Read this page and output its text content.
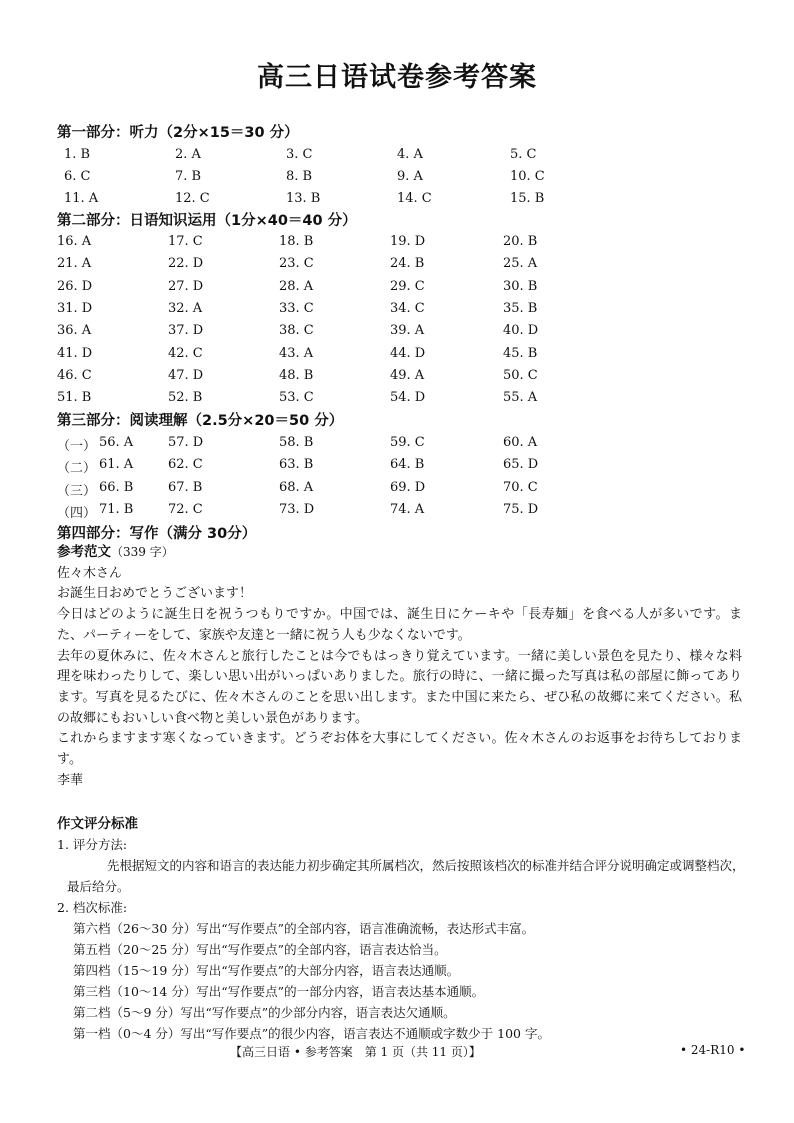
高三日语试卷参考答案
第一部分：听力（2分×15＝30 分）
1. B	2. A	3. C	4. A	5. C
6. C	7. B	8. B	9. A	10. C
11. A	12. C	13. B	14. C	15. B
第二部分：日语知识运用（1分×40＝40 分）
16. A	17. C	18. B	19. D	20. B
21. A	22. D	23. C	24. B	25. A
26. D	27. D	28. A	29. C	30. B
31. D	32. A	33. C	34. C	35. B
36. A	37. D	38. C	39. A	40. D
41. D	42. C	43. A	44. D	45. B
46. C	47. D	48. B	49. A	50. C
51. B	52. B	53. C	54. D	55. A
第三部分：阅读理解（2.5分×20＝50 分）
（一） 56. A	57. D	58. B	59. C	60. A
（二） 61. A	62. C	63. B	64. B	65. D
（三） 66. B	67. B	68. A	69. D	70. C
（四） 71. B	72. C	73. D	74. A	75. D
第四部分：写作（满分 30分）

参考范文（339 字）

佐々木さん

お誕生日おめでとうございます！

今日はどのように誕生日を祝うつもりですか。中国では、誕生日にケーキや「長寿麺」を食べる人が多いです。また、パーティーをして、家族や友達と一緒に祝う人も少なくないです。

去年の夏休みに、佐々木さんと旅行したことは今でもはっきり覚えています。一緒に美しい景色を見たり、様々な料理を味わったりして、楽しい思い出がいっぱいありました。旅行の時に、一緒に撮った写真は私の部屋に飾ってあります。写真を見るたびに、佐々木さんのことを思い出します。また中国に来たら、ぜひ私の故郷に来てください。私の故郷にもおいしい食べ物と美しい景色があります。

これからますます寒くなっていきます。どうぞお体を大事にしてください。佐々木さんのお返事をお待ちしております。

李華

作文评分标准

1. 评分方法:

先根据短文的内容和语言的表达能力初步确定其所属档次，然后按照该档次的标准并结合评分说明确定或调整档次，最后给分。

2. 档次标准:

第六档（26～30 分）写出“写作要点”的全部内容，语言准确流畅，表达形式丰富。

第五档（20～25 分）写出“写作要点”的全部内容，语言表达恰当。

第四档（15～19 分）写出“写作要点”的大部分内容，语言表达通顺。

第三档（10～14 分）写出“写作要点”的一部分内容，语言表达基本通顺。

第二档（5～9 分）写出“写作要点”的少部分内容，语言表达欠通顺。

第一档（0～4 分）写出“写作要点”的很少内容，语言表达不通顺或字数少于 100 字。

【高三日语 • 参考答案　第 1 页（共 11 页）】	• 24-R10 •
